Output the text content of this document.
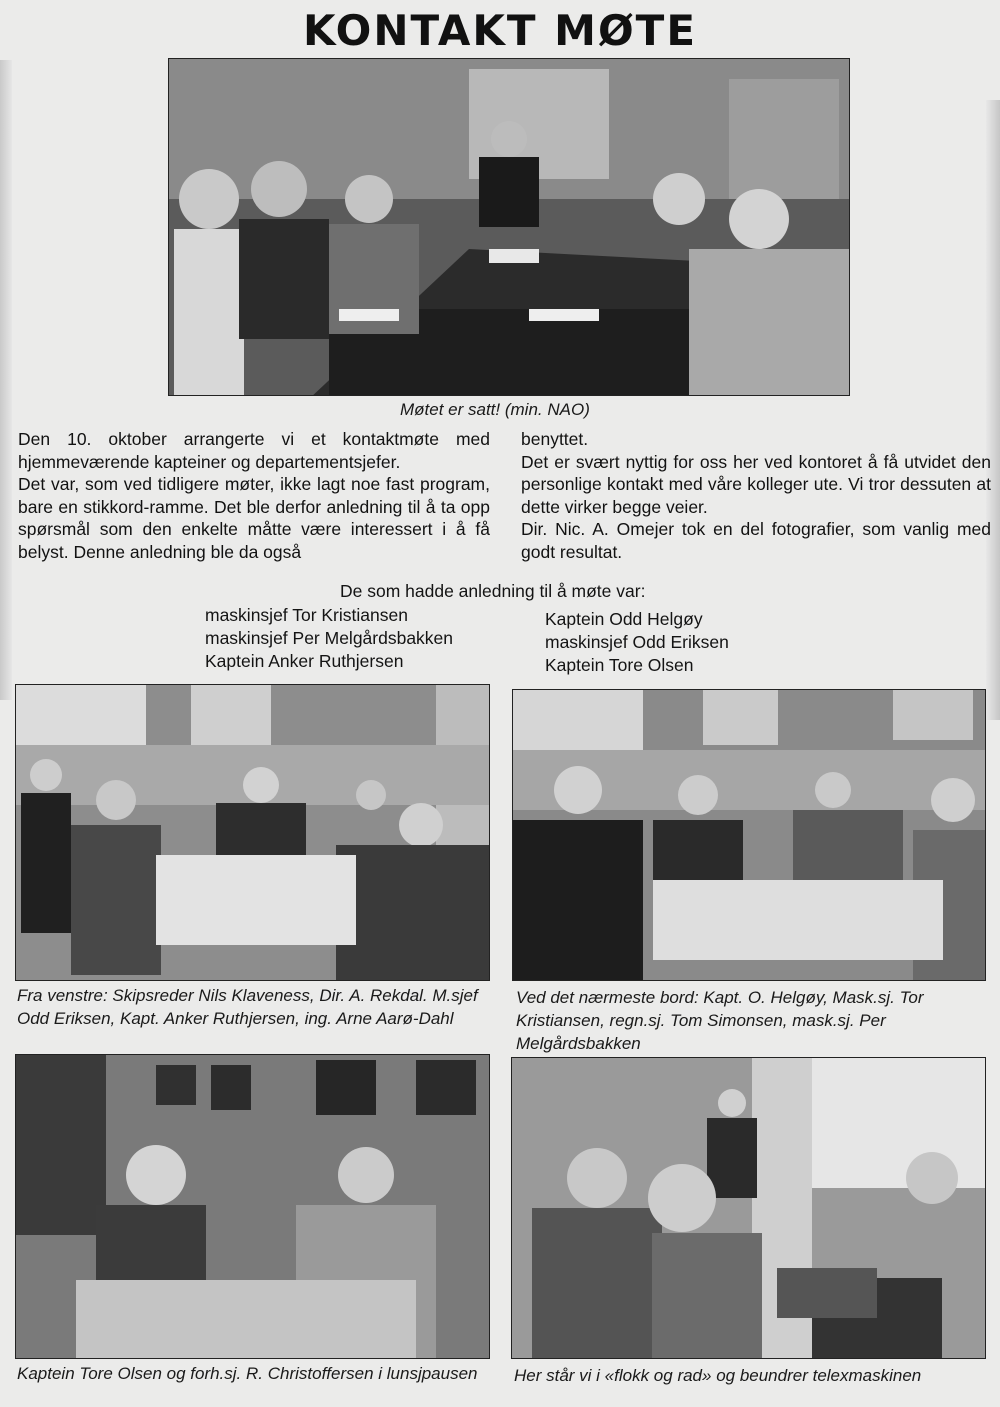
KONTAKT MØTE
Møtet er satt! (min. NAO)

Den 10. oktober arrangerte vi et kontaktmøte med hjemmeværende kapteiner og departementsjefer.

Det var, som ved tidligere møter, ikke lagt noe fast program, bare en stikkord-ramme. Det ble derfor anledning til å ta opp spørsmål som den enkelte måtte være interessert i å få belyst. Denne anledning ble da også

benyttet.

Det er svært nyttig for oss her ved kontoret å få utvidet den personlige kontakt med våre kolleger ute. Vi tror dessuten at dette virker begge veier.

Dir. Nic. A. Omejer tok en del fotografier, som vanlig med godt resultat.

De som hadde anledning til å møte var:
maskinsjef Tor Kristiansen
maskinsjef Per Melgårdsbakken
Kaptein Anker Ruthjersen
Kaptein Odd Helgøy
maskinsjef Odd Eriksen
Kaptein Tore Olsen
Fra venstre: Skipsreder Nils Klaveness, Dir. A. Rekdal. M.sjef Odd Eriksen, Kapt. Anker Ruthjersen, ing. Arne Aarø-Dahl
Ved det nærmeste bord: Kapt. O. Helgøy, Mask.sj. Tor Kristiansen, regn.sj. Tom Simonsen, mask.sj. Per Melgårdsbakken
Kaptein Tore Olsen og forh.sj. R. Christoffersen i lunsjpausen	Her står vi i «flokk og rad» og beundrer telexmaskinen
